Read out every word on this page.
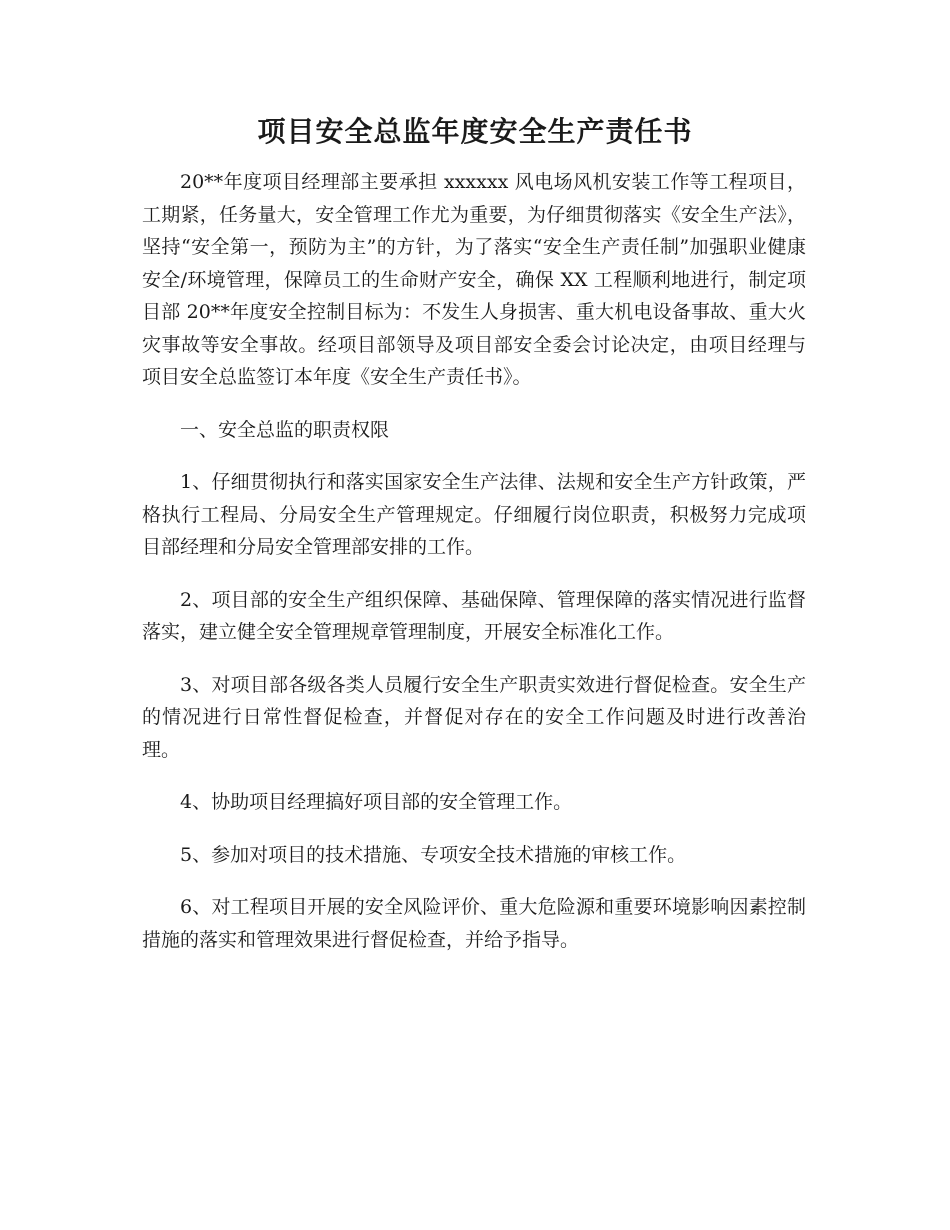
项目安全总监年度安全生产责任书

20**年度项目经理部主要承担 xxxxxx 风电场风机安装工作等工程项目，工期紧，任务量大，安全管理工作尤为重要，为仔细贯彻落实《安全生产法》，坚持“安全第一，预防为主”的方针，为了落实“安全生产责任制”加强职业健康安全/环境管理，保障员工的生命财产安全，确保 XX 工程顺利地进行，制定项目部 20**年度安全控制目标为：不发生人身损害、重大机电设备事故、重大火灾事故等安全事故。经项目部领导及项目部安全委会讨论决定，由项目经理与项目安全总监签订本年度《安全生产责任书》。

一、安全总监的职责权限

1、仔细贯彻执行和落实国家安全生产法律、法规和安全生产方针政策，严格执行工程局、分局安全生产管理规定。仔细履行岗位职责，积极努力完成项目部经理和分局安全管理部安排的工作。

2、项目部的安全生产组织保障、基础保障、管理保障的落实情况进行监督落实，建立健全安全管理规章管理制度，开展安全标准化工作。

3、对项目部各级各类人员履行安全生产职责实效进行督促检查。安全生产的情况进行日常性督促检查，并督促对存在的安全工作问题及时进行改善治理。

4、协助项目经理搞好项目部的安全管理工作。

5、参加对项目的技术措施、专项安全技术措施的审核工作。

6、对工程项目开展的安全风险评价、重大危险源和重要环境影响因素控制措施的落实和管理效果进行督促检查，并给予指导。
